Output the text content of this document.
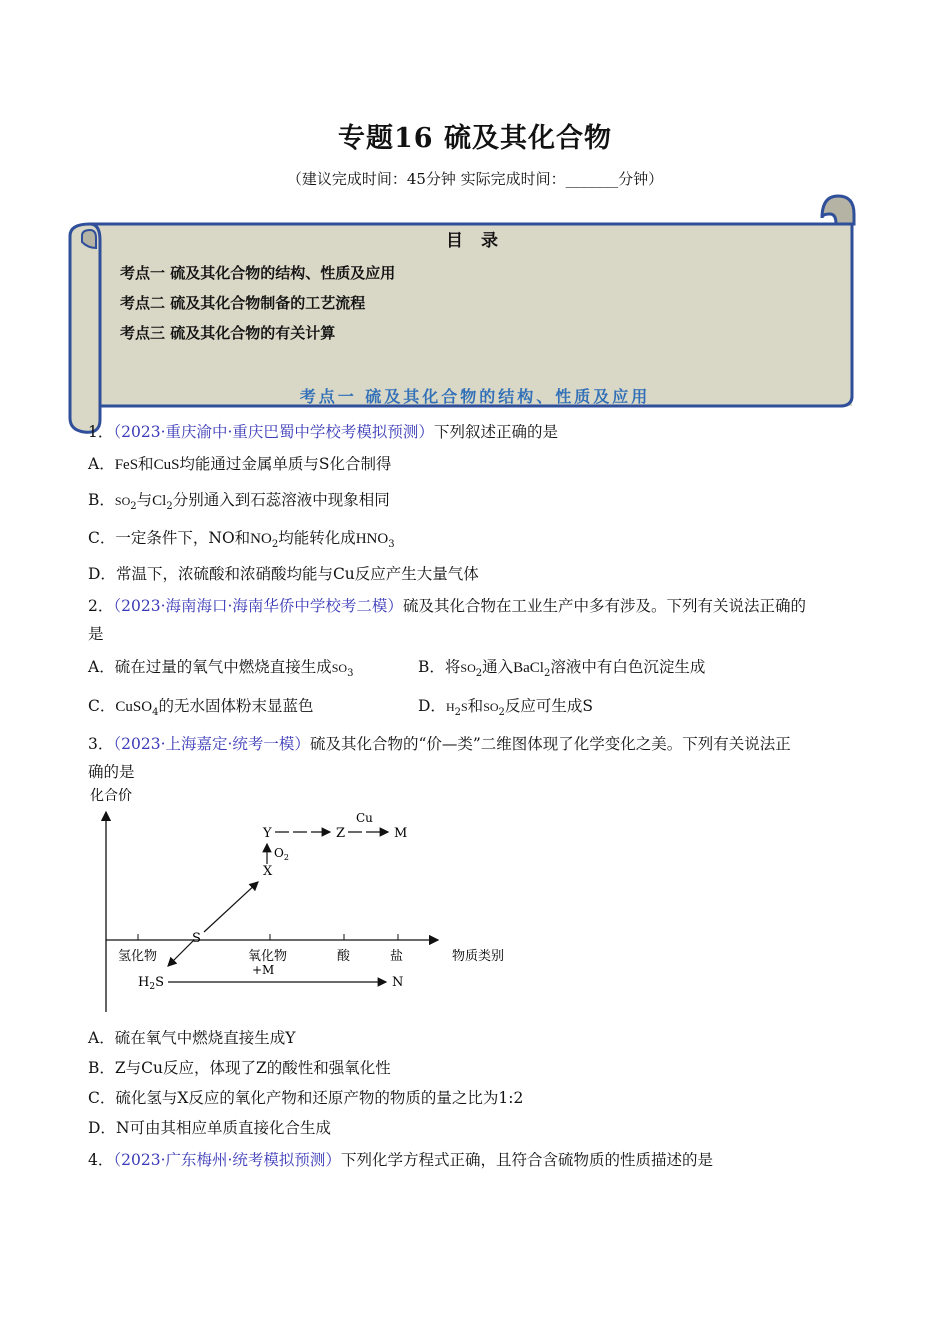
专题16 硫及其化合物
（建议完成时间：45分钟 实际完成时间：_______分钟）
目 录
考点一 硫及其化合物的结构、性质及应用
考点二 硫及其化合物制备的工艺流程
考点三 硫及其化合物的有关计算
考点一 硫及其化合物的结构、性质及应用
1．（2023·重庆渝中·重庆巴蜀中学校考模拟预测）下列叙述正确的是
A．FeS和CuS均能通过金属单质与S化合制得
B．$SO_2$与$Cl_2$分别通入到石蕊溶液中现象相同
C．一定条件下，NO和$NO_2$均能转化成$HNO_3$
D．常温下，浓硫酸和浓硝酸均能与Cu反应产生大量气体
2．（2023·海南海口·海南华侨中学校考二模）硫及其化合物在工业生产中多有涉及。下列有关说法正确的
是
A．硫在过量的氧气中燃烧直接生成$SO_3$	B．将$SO_2$通入BaCl$_2$溶液中有白色沉淀生成
C．CuSO$_4$的无水固体粉末显蓝色	D．$H_2S$和$SO_2$反应可生成S
3．（2023·上海嘉定·统考一模）硫及其化合物的“价—类”二维图体现了化学变化之美。下列有关说法正
确的是
化合价
氢化物	氧化物	酸	盐	物质类别
S
X
Y	Z	M
$H_2S$	N
Cu
$O_2$
+M
A．硫在氧气中燃烧直接生成Y
B．Z与Cu反应，体现了Z的酸性和强氧化性
C．硫化氢与X反应的氧化产物和还原产物的物质的量之比为1:2
D．N可由其相应单质直接化合生成
4．（2023·广东梅州·统考模拟预测）下列化学方程式正确，且符合含硫物质的性质描述的是
